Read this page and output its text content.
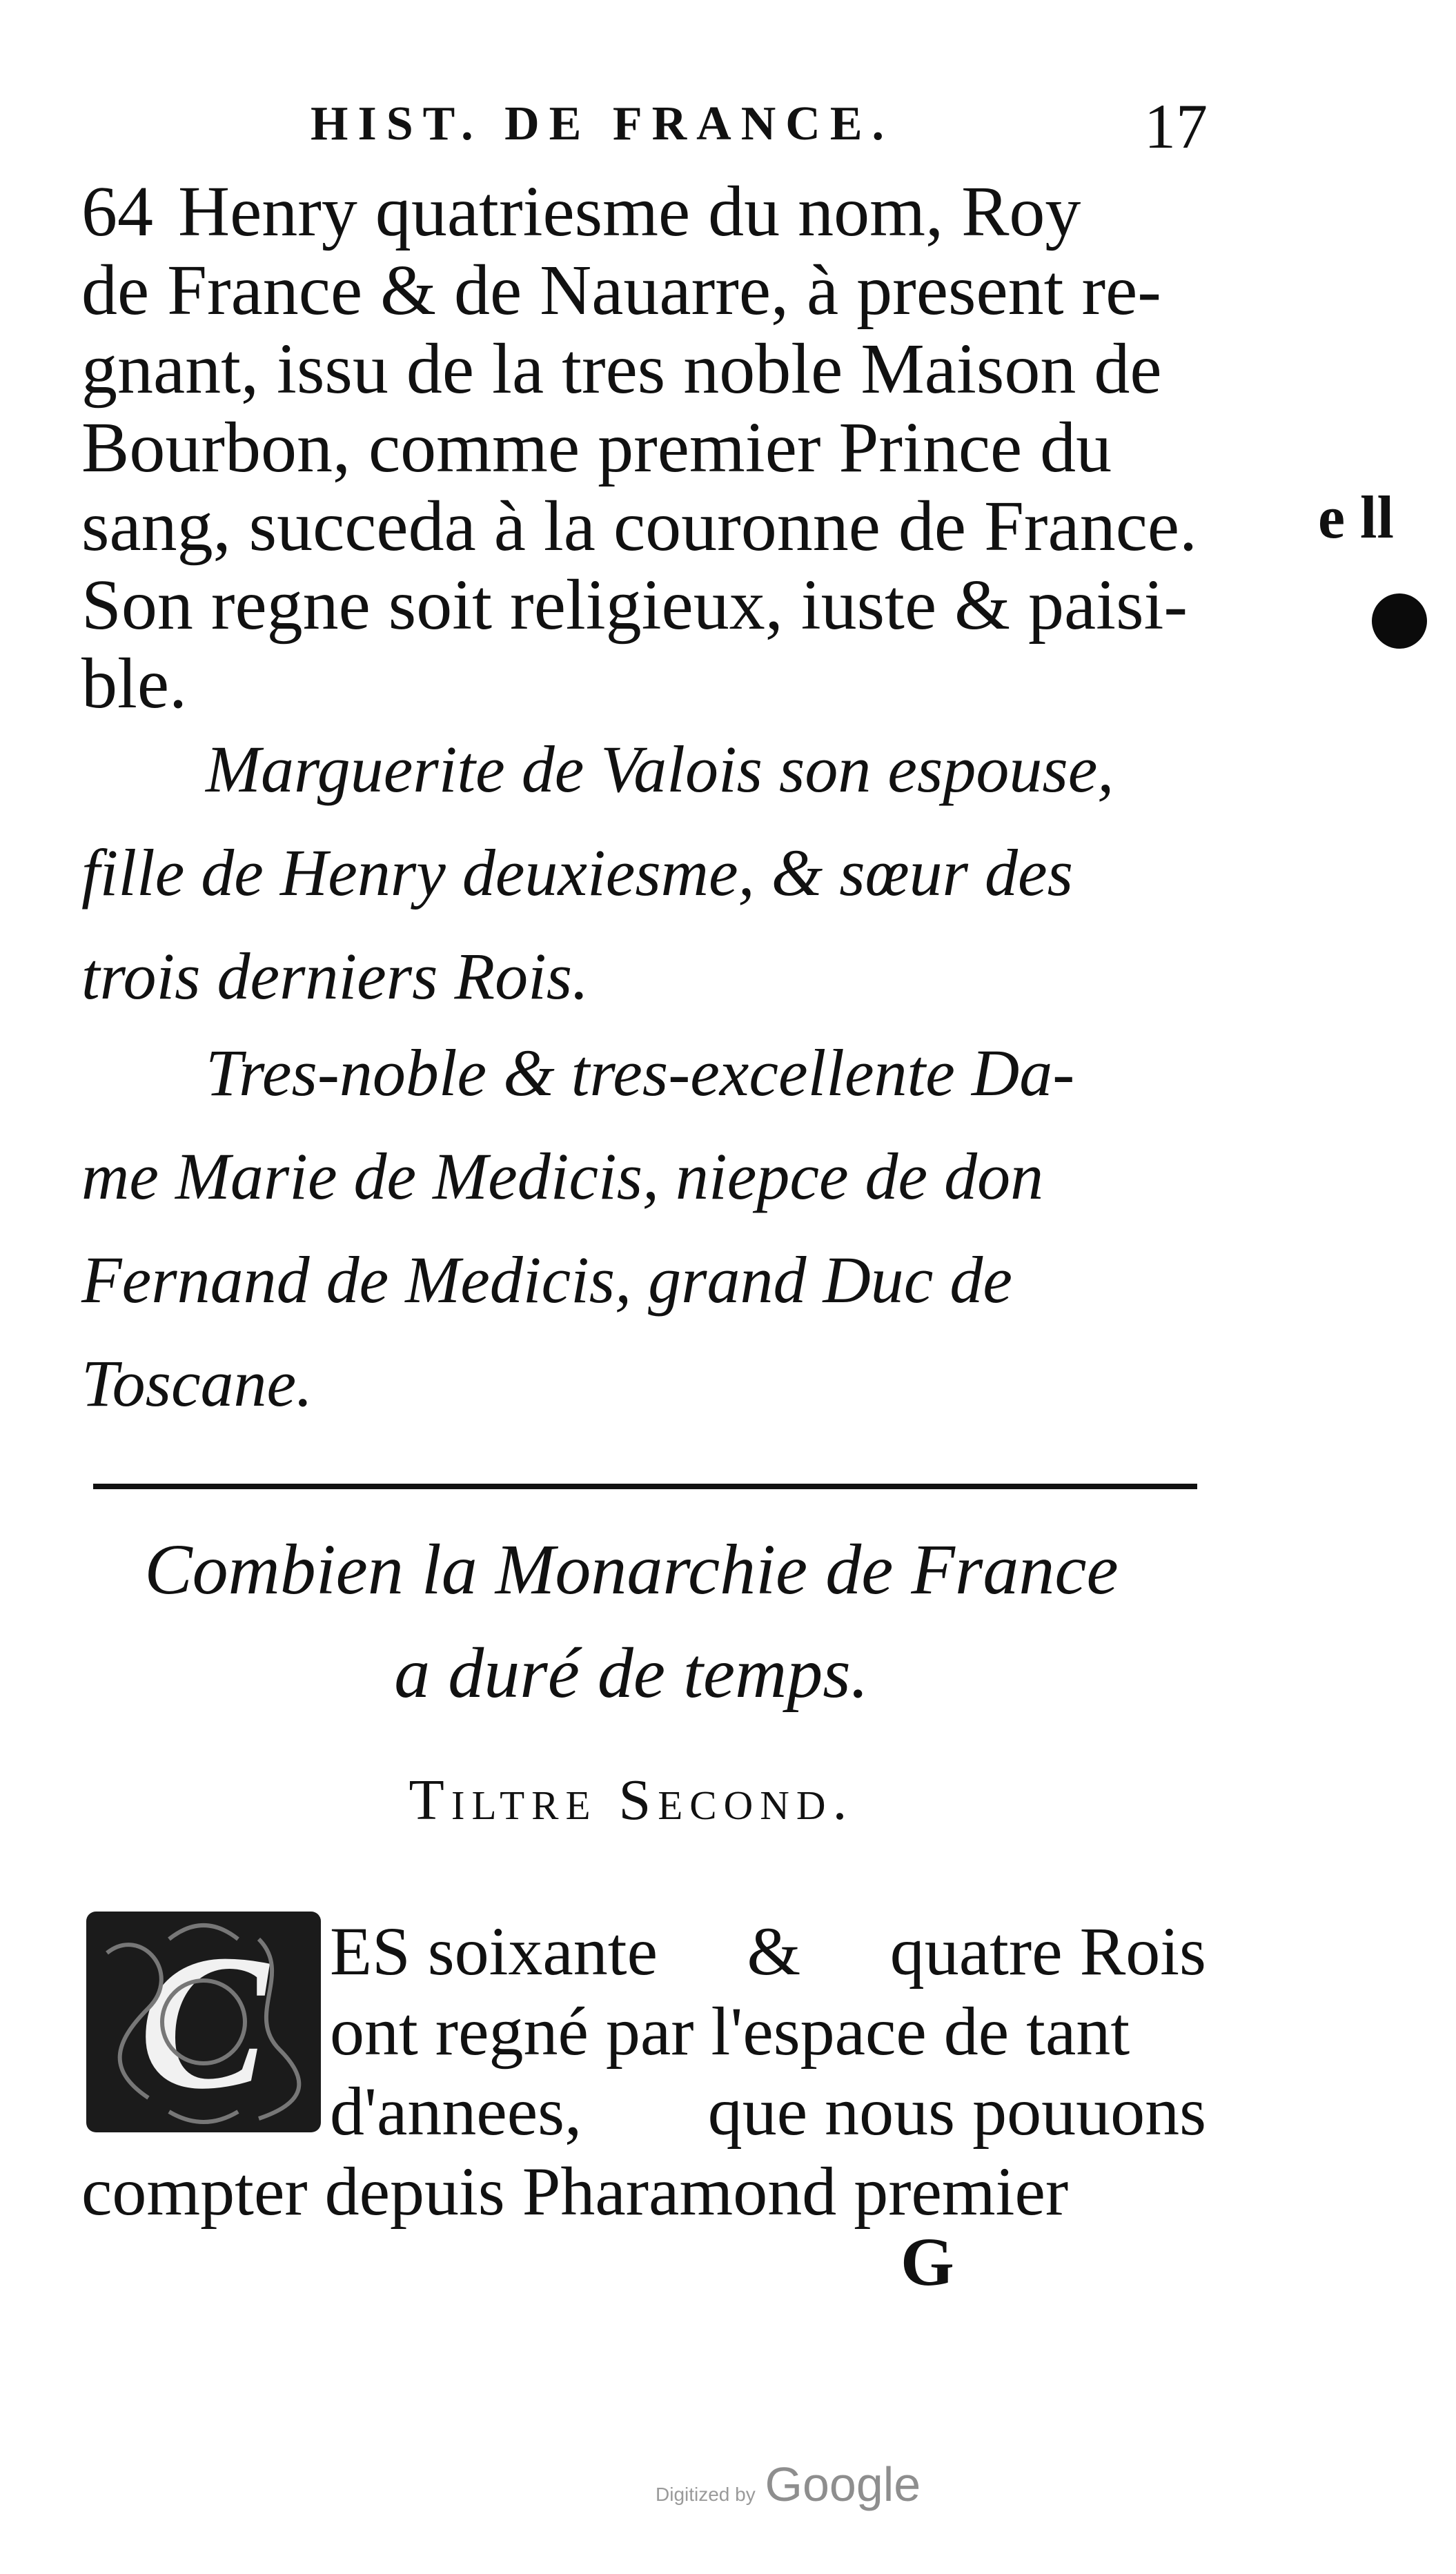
HIST. DE FRANCE.	17
64 Henry quatriesme du nom, Roy
de France & de Nauarre, à present re-
gnant, issu de la tres noble Maison de
Bourbon, comme premier Prince du
sang, succeda à la couronne de France.
Son regne soit religieux, iuste & paisi-
ble.
Marguerite de Valois son espouse,
fille de Henry deuxiesme, & sœur des
trois derniers Rois.
Tres-noble & tres-excellente Da-
me Marie de Medicis, niepce de don
Fernand de Medicis, grand Duc de
Toscane.
Combien la Monarchie de France
a duré de temps.
Tiltre Second.
C ES soixante & quatre Rois
ont regné par l'espace de tant
d'annees, que nous pouuons
compter depuis Pharamond premier
G
e ll
Digitized by Google
